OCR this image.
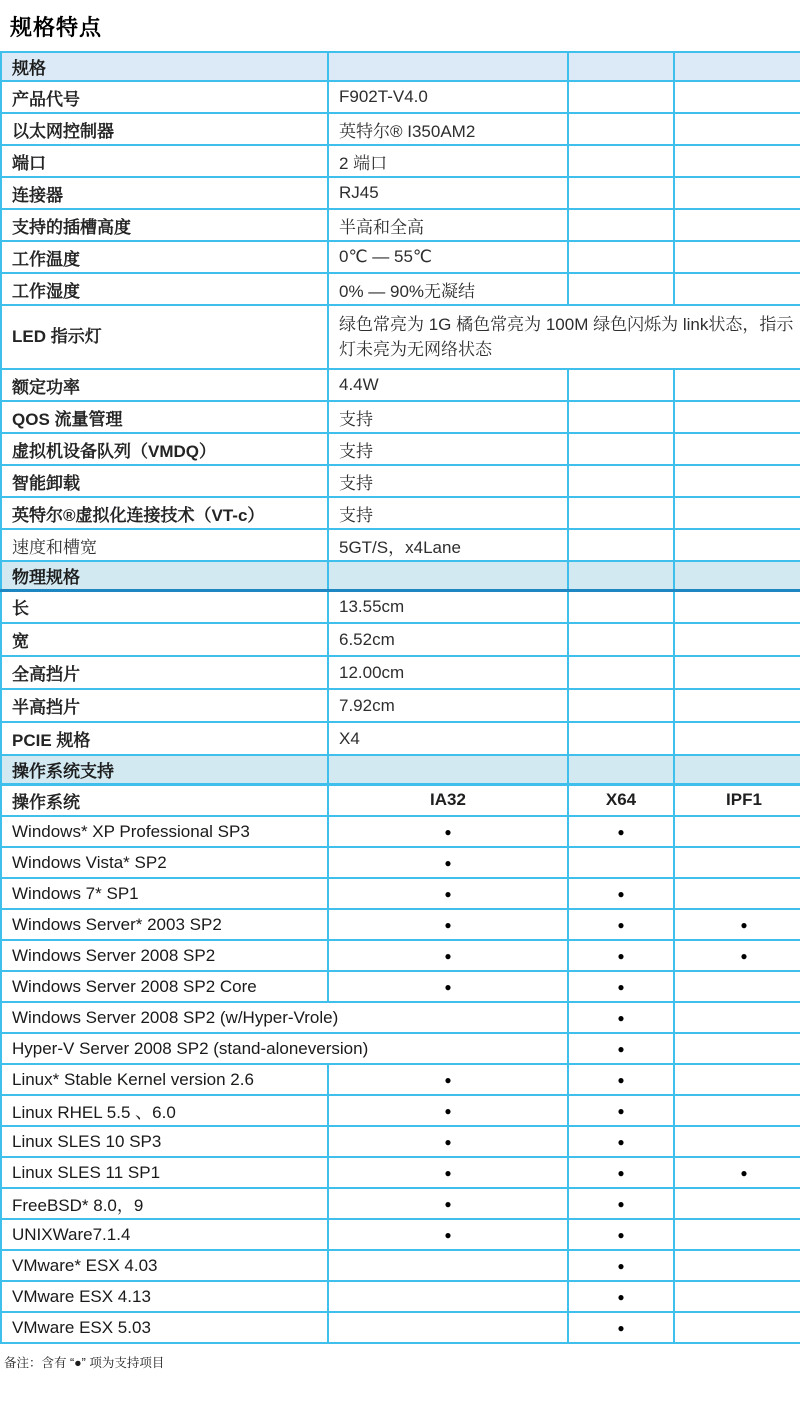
规格特点
规格			
产品代号	F902T-V4.0		
以太网控制器	英特尔® I350AM2		
端口	2 端口		
连接器	RJ45		
支持的插槽高度	半高和全高		
工作温度	0℃ — 55℃		
工作湿度	0% — 90%无凝结		
LED 指示灯	绿色常亮为 1G 橘色常亮为 100M 绿色闪烁为 link状态，指示灯未亮为无网络状态		
额定功率	4.4W		
QOS 流量管理	支持		
虚拟机设备队列（VMDQ）	支持		
智能卸载	支持		
英特尔®虚拟化连接技术（VT-c）	支持		
速度和槽宽	5GT/S，x4Lane		
物理规格			
长	13.55cm		
宽	6.52cm		
全高挡片	12.00cm		
半高挡片	7.92cm		
PCIE 规格	X4		
操作系统支持			
操作系统	IA32	X64	IPF1
Windows* XP Professional SP3	●	●	
Windows Vista* SP2	●		
Windows 7* SP1	●	●	
Windows Server* 2003 SP2	●	●	●
Windows Server 2008 SP2	●	●	●
Windows Server 2008 SP2 Core	●	●	
Windows Server 2008 SP2 (w/Hyper-Vrole)		●	
Hyper-V Server 2008 SP2 (stand-aloneversion)		●	
Linux* Stable Kernel version 2.6	●	●	
Linux RHEL 5.5 、6.0	●	●	
Linux SLES 10 SP3	●	●	
Linux SLES 11 SP1	●	●	●
FreeBSD* 8.0，9	●	●	
UNIXWare7.1.4	●	●	
VMware* ESX 4.03		●	
VMware ESX 4.13		●	
VMware ESX 5.03		●	
备注：含有 “●” 项为支持项目
